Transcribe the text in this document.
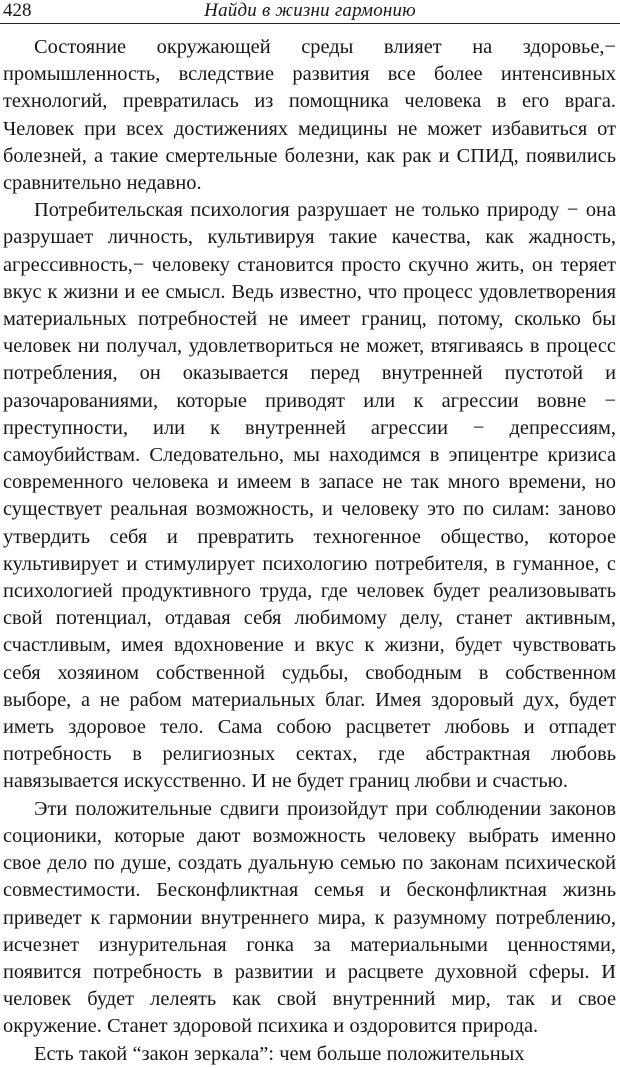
428	Найди в жизни гармонию

Состояние окружающей среды влияет на здоровье,− промышленность, вследствие развития все более интенсивных технологий, превратилась из помощника человека в его врага. Человек при всех достижениях медицины не может избавиться от болезней, а такие смертельные болезни, как рак и СПИД, появились сравнительно недавно.

Потребительская психология разрушает не только природу − она разрушает личность, культивируя такие качества, как жадность, агрессивность,− человеку становится просто скучно жить, он теряет вкус к жизни и ее смысл. Ведь известно, что процесс удовлетворения материальных потребностей не имеет границ, потому, сколько бы человек ни получал, удовлетвориться не может, втягиваясь в процесс потребления, он оказывается перед внутренней пустотой и разочарованиями, которые приводят или к агрессии вовне − преступности, или к внутренней агрессии − депрессиям, самоубийствам. Следовательно, мы находимся в эпицентре кризиса современного человека и имеем в запасе не так много времени, но существует реальная возможность, и человеку это по силам: заново утвердить себя и превратить техногенное общество, которое культивирует и стимулирует психологию потребителя, в гуманное, с психологией продуктивного труда, где человек будет реализовывать свой потенциал, отдавая себя любимому делу, станет активным, счастливым, имея вдохновение и вкус к жизни, будет чувствовать себя хозяином собственной судьбы, свободным в собственном выборе, а не рабом материальных благ. Имея здоровый дух, будет иметь здоровое тело. Сама собою расцветет любовь и отпадет потребность в религиозных сектах, где абстрактная любовь навязывается искусственно. И не будет границ любви и счастью.

Эти положительные сдвиги произойдут при соблюдении законов соционики, которые дают возможность человеку выбрать именно свое дело по душе, создать дуальную семью по законам психической совместимости. Бесконфликтная семья и бесконфликтная жизнь приведет к гармонии внутреннего мира, к разумному потреблению, исчезнет изнурительная гонка за материальными ценностями, появится потребность в развитии и расцвете духовной сферы. И человек будет лелеять как свой внутренний мир, так и свое окружение. Станет здоровой психика и оздоровится природа.

Есть такой “закон зеркала”: чем больше положительных
